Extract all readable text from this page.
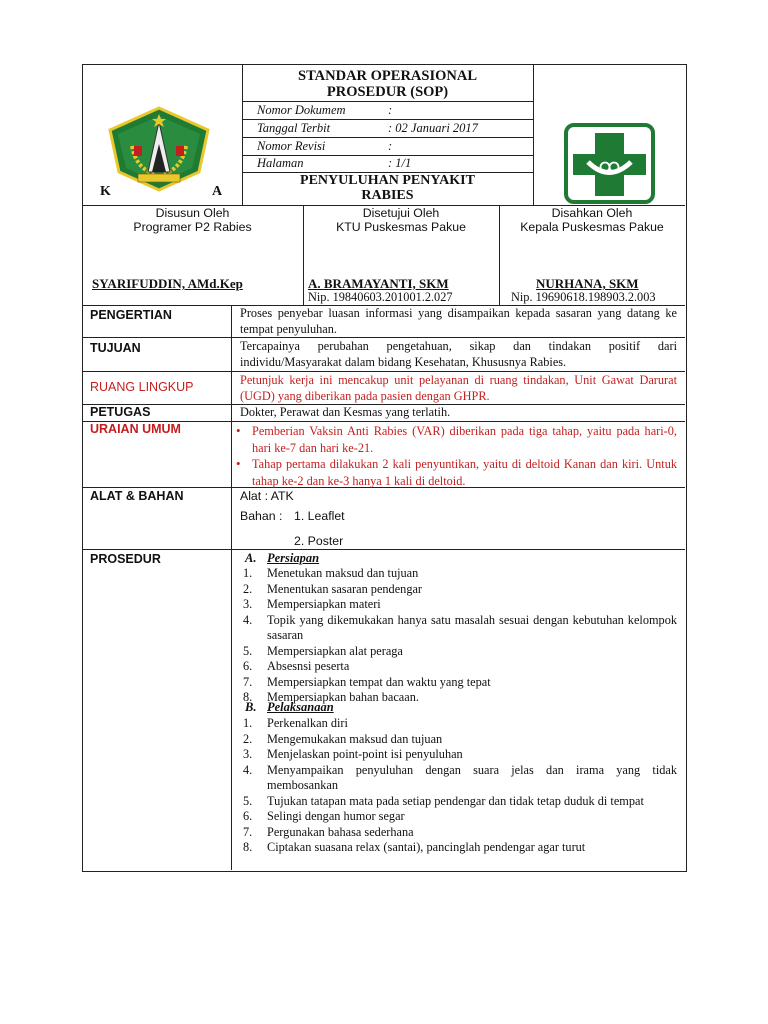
STANDAR OPERASIONAL
PROSEDUR (SOP)
Nomor Dokumem	:
Tanggal Terbit	: 02 Januari 2017
Nomor Revisi	:
Halaman	: 1/1
PENYULUHAN PENYAKIT
RABIES
K	A
Disusun Oleh
Programer P2 Rabies
SYARIFUDDIN, AMd.Kep
Disetujui Oleh
KTU Puskesmas Pakue
A. BRAMAYANTI, SKM
Nip. 19840603.201001.2.027
Disahkan Oleh
Kepala Puskesmas Pakue
NURHANA, SKM
Nip. 19690618.198903.2.003
PENGERTIAN	Proses penyebar luasan informasi yang disampaikan kepada sasaran yang datang ke tempat penyuluhan.
TUJUAN	Tercapainya perubahan pengetahuan, sikap dan tindakan positif dari individu/Masyarakat dalam bidang Kesehatan, Khususnya Rabies.
RUANG LINGKUP	Petunjuk kerja ini mencakup unit pelayanan di ruang tindakan, Unit Gawat Darurat (UGD) yang diberikan pada pasien dengan GHPR.
PETUGAS	Dokter, Perawat dan Kesmas yang terlatih.
URAIAN UMUM	• Pemberian Vaksin Anti Rabies (VAR) diberikan pada tiga tahap, yaitu pada hari-0, hari ke-7 dan hari ke-21.
• Tahap pertama dilakukan 2 kali penyuntikan, yaitu di deltoid Kanan dan kiri. Untuk tahap ke-2 dan ke-3 hanya 1 kali di deltoid.
ALAT & BAHAN	Alat : ATK
Bahan : 1. Leaflet
2. Poster
PROSEDUR	A. Persiapan
1. Menetukan maksud dan tujuan
2. Menentukan sasaran pendengar
3. Mempersiapkan materi
4. Topik yang dikemukakan hanya satu masalah sesuai dengan kebutuhan kelompok sasaran
5. Mempersiapkan alat peraga
6. Absesnsi peserta
7. Mempersiapkan tempat dan waktu yang tepat
8. Mempersiapkan bahan bacaan.
B. Pelaksanaan
1. Perkenalkan diri
2. Mengemukakan maksud dan tujuan
3. Menjelaskan point-point isi penyuluhan
4. Menyampaikan penyuluhan dengan suara jelas dan irama yang tidak membosankan
5. Tujukan tatapan mata pada setiap pendengar dan tidak tetap duduk di tempat
6. Selingi dengan humor segar
7. Pergunakan bahasa sederhana
8. Ciptakan suasana relax (santai), pancinglah pendengar agar turut
